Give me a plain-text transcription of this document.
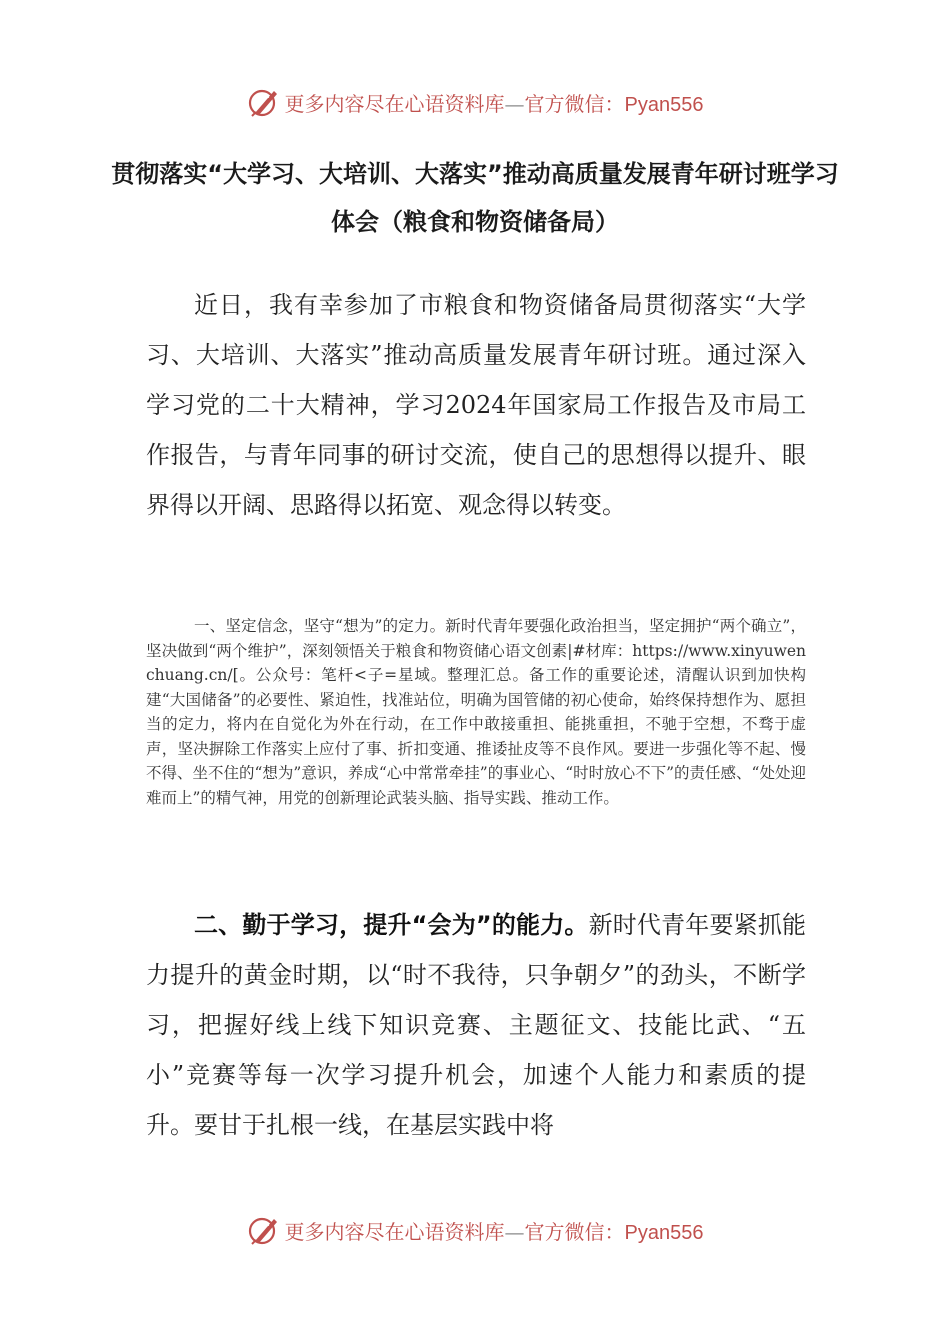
更多内容尽在心语资料库—官方微信：Pyan556
贯彻落实“大学习、大培训、大落实”推动高质量发展青年研讨班学习体会（粮食和物资储备局）
近日，我有幸参加了市粮食和物资储备局贯彻落实“大学习、大培训、大落实”推动高质量发展青年研讨班。通过深入学习党的二十大精神，学习2024年国家局工作报告及市局工作报告，与青年同事的研讨交流，使自己的思想得以提升、眼界得以开阔、思路得以拓宽、观念得以转变。
一、坚定信念，坚守“想为”的定力。新时代青年要强化政治担当，坚定拥护“两个确立”，坚决做到“两个维护”，深刻领悟关于粮食和物资储心语文创素|#材库：https://www.xinyuwenchuang.cn/[。公众号：笔杆<子=星域。整理汇总。备工作的重要论述，清醒认识到加快构建“大国储备”的必要性、紧迫性，找准站位，明确为国管储的初心使命，始终保持想作为、愿担当的定力，将内在自觉化为外在行动，在工作中敢接重担、能挑重担，不驰于空想，不骛于虚声，坚决摒除工作落实上应付了事、折扣变通、推诿扯皮等不良作风。要进一步强化等不起、慢不得、坐不住的“想为”意识，养成“心中常常牵挂”的事业心、“时时放心不下”的责任感、“处处迎难而上”的精气神，用党的创新理论武装头脑、指导实践、推动工作。
二、勤于学习，提升“会为”的能力。新时代青年要紧抓能力提升的黄金时期，以“时不我待，只争朝夕”的劲头，不断学习，把握好线上线下知识竞赛、主题征文、技能比武、“五小”竞赛等每一次学习提升机会，加速个人能力和素质的提升。要甘于扎根一线，在基层实践中将
更多内容尽在心语资料库—官方微信：Pyan556
